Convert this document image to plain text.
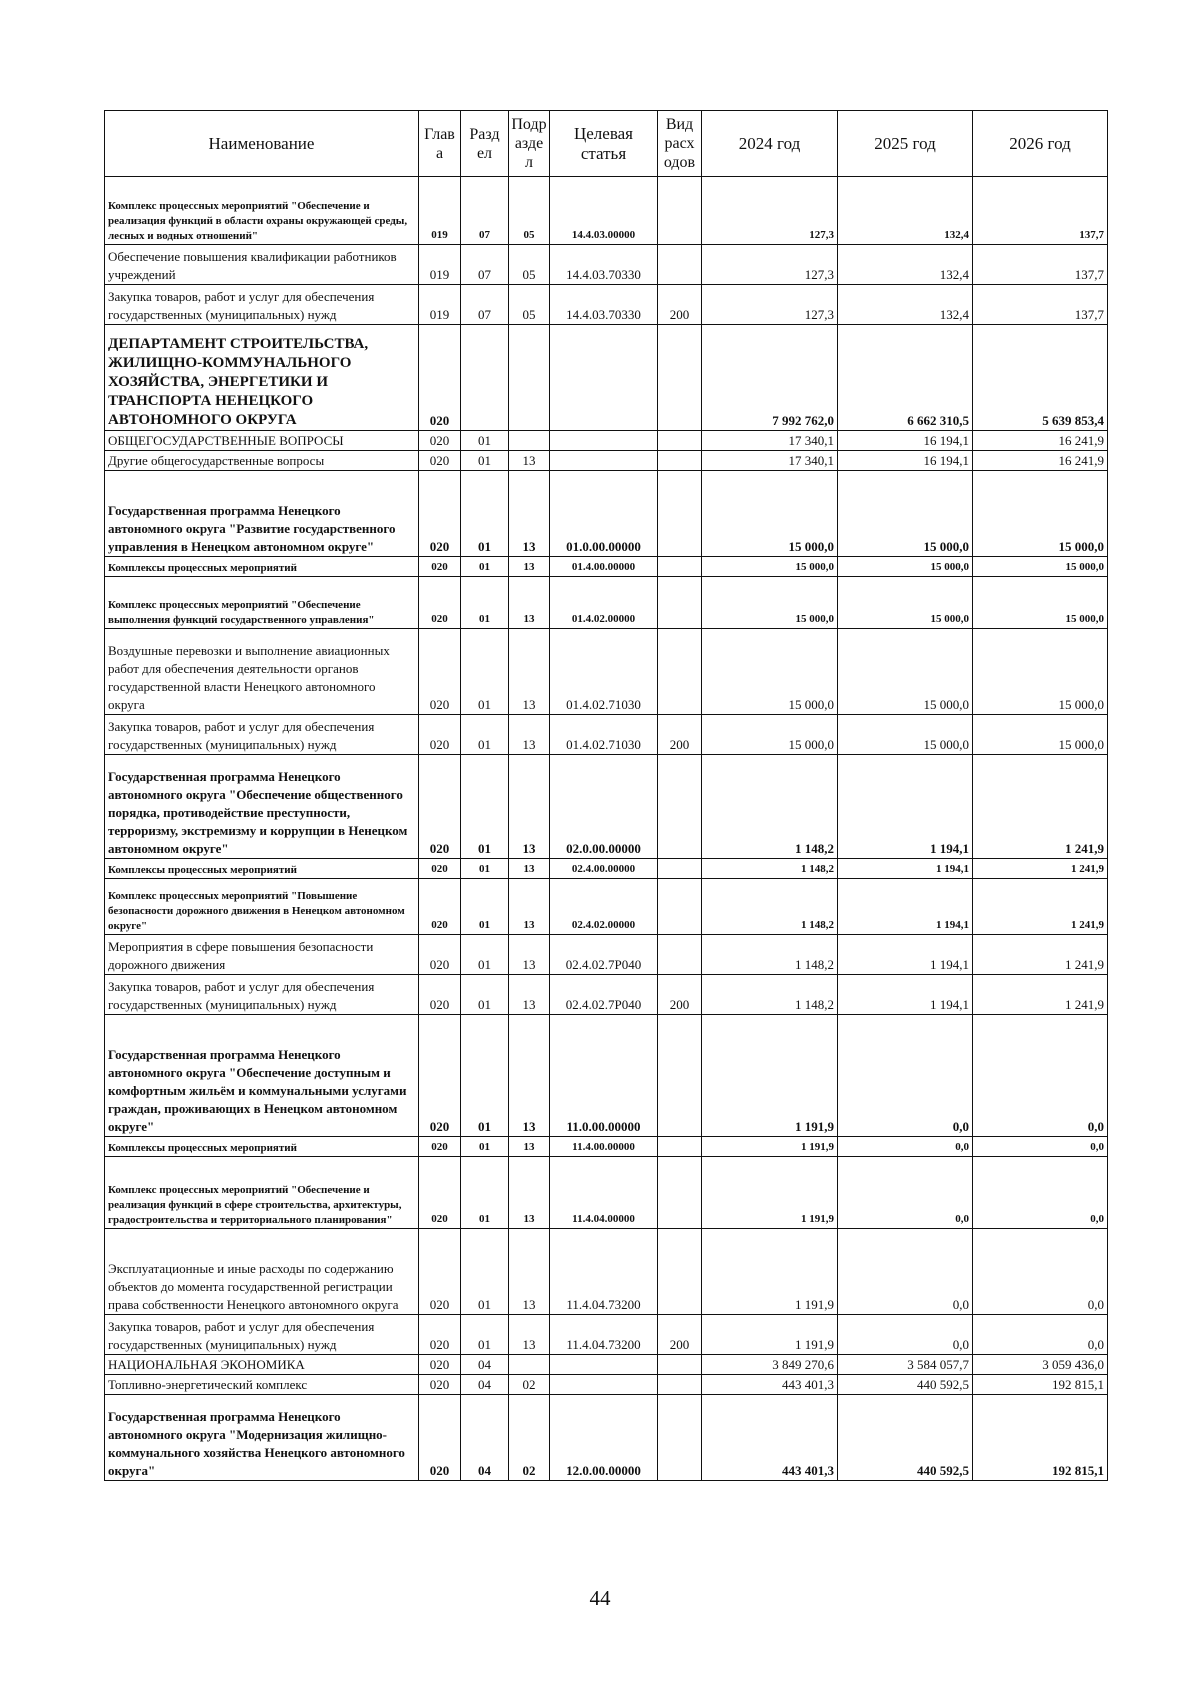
Наименование	Глав а	Разд ел	Подр азде л	Целевая статья	Вид расх одов	2024 год	2025 год	2026 год
Комплекс процессных мероприятий "Обеспечение и реализация функций в области охраны окружающей среды, лесных и водных отношений"	019	07	05	14.4.03.00000		127,3	132,4	137,7
Обеспечение повышения квалификации работников учреждений	019	07	05	14.4.03.70330		127,3	132,4	137,7
Закупка товаров, работ и услуг для обеспечения государственных (муниципальных) нужд	019	07	05	14.4.03.70330	200	127,3	132,4	137,7
ДЕПАРТАМЕНТ СТРОИТЕЛЬСТВА, ЖИЛИЩНО-КОММУНАЛЬНОГО ХОЗЯЙСТВА, ЭНЕРГЕТИКИ И ТРАНСПОРТА НЕНЕЦКОГО АВТОНОМНОГО ОКРУГА	020					7 992 762,0	6 662 310,5	5 639 853,4
ОБЩЕГОСУДАРСТВЕННЫЕ ВОПРОСЫ	020	01				17 340,1	16 194,1	16 241,9
Другие общегосударственные вопросы	020	01	13			17 340,1	16 194,1	16 241,9
Государственная программа Ненецкого автономного округа "Развитие государственного управления в Ненецком автономном округе"	020	01	13	01.0.00.00000		15 000,0	15 000,0	15 000,0
Комплексы процессных мероприятий	020	01	13	01.4.00.00000		15 000,0	15 000,0	15 000,0
Комплекс процессных мероприятий "Обеспечение выполнения функций государственного управления"	020	01	13	01.4.02.00000		15 000,0	15 000,0	15 000,0
Воздушные перевозки и выполнение авиационных работ для обеспечения деятельности органов государственной власти Ненецкого автономного округа	020	01	13	01.4.02.71030		15 000,0	15 000,0	15 000,0
Закупка товаров, работ и услуг для обеспечения государственных (муниципальных) нужд	020	01	13	01.4.02.71030	200	15 000,0	15 000,0	15 000,0
Государственная программа Ненецкого автономного округа "Обеспечение общественного порядка, противодействие преступности, терроризму, экстремизму и коррупции в Ненецком автономном округе"	020	01	13	02.0.00.00000		1 148,2	1 194,1	1 241,9
Комплексы процессных мероприятий	020	01	13	02.4.00.00000		1 148,2	1 194,1	1 241,9
Комплекс процессных мероприятий "Повышение безопасности дорожного движения в Ненецком автономном округе"	020	01	13	02.4.02.00000		1 148,2	1 194,1	1 241,9
Мероприятия в сфере повышения безопасности дорожного движения	020	01	13	02.4.02.7Р040		1 148,2	1 194,1	1 241,9
Закупка товаров, работ и услуг для обеспечения государственных (муниципальных) нужд	020	01	13	02.4.02.7Р040	200	1 148,2	1 194,1	1 241,9
Государственная программа Ненецкого автономного округа "Обеспечение доступным и комфортным жильём и коммунальными услугами граждан, проживающих в Ненецком автономном округе"	020	01	13	11.0.00.00000		1 191,9	0,0	0,0
Комплексы процессных мероприятий	020	01	13	11.4.00.00000		1 191,9	0,0	0,0
Комплекс процессных мероприятий "Обеспечение и реализация функций в сфере строительства, архитектуры, градостроительства и территориального планирования"	020	01	13	11.4.04.00000		1 191,9	0,0	0,0
Эксплуатационные и иные расходы по содержанию объектов до момента государственной регистрации права собственности Ненецкого автономного округа	020	01	13	11.4.04.73200		1 191,9	0,0	0,0
Закупка товаров, работ и услуг для обеспечения государственных (муниципальных) нужд	020	01	13	11.4.04.73200	200	1 191,9	0,0	0,0
НАЦИОНАЛЬНАЯ ЭКОНОМИКА	020	04				3 849 270,6	3 584 057,7	3 059 436,0
Топливно-энергетический комплекс	020	04	02			443 401,3	440 592,5	192 815,1
Государственная программа Ненецкого автономного округа "Модернизация жилищно-коммунального хозяйства Ненецкого автономного округа"	020	04	02	12.0.00.00000		443 401,3	440 592,5	192 815,1
44
